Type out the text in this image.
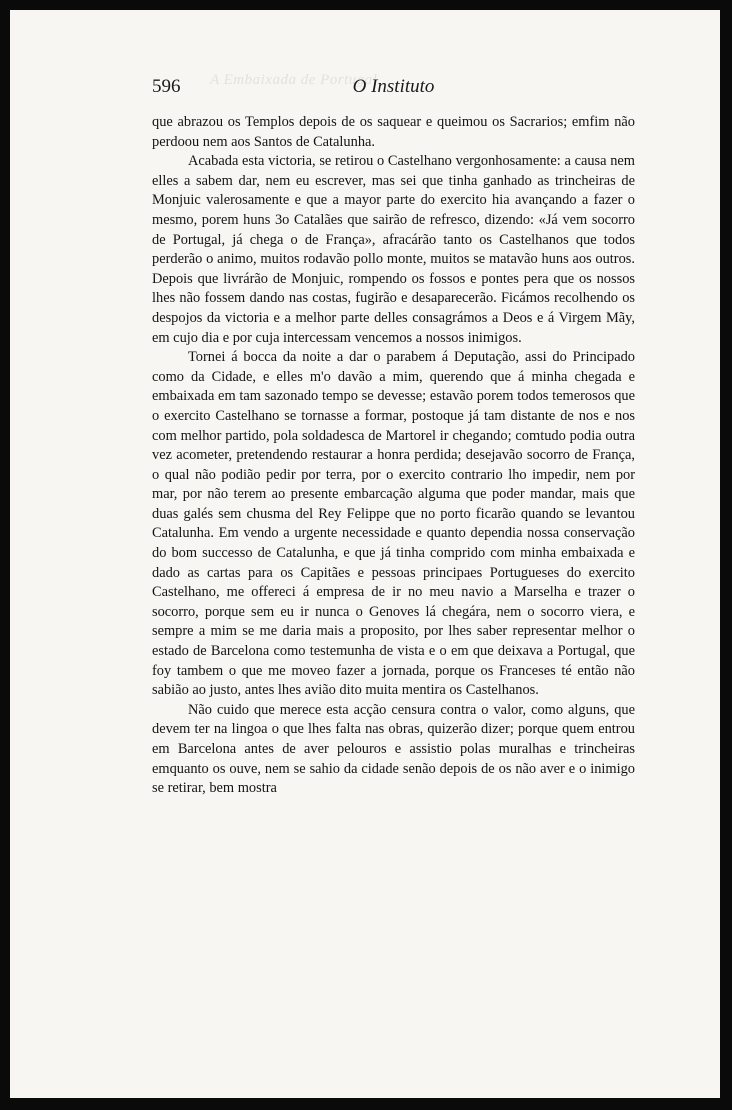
A Embaixada de Portugal
596	O Instituto

que abrazou os Templos depois de os saquear e queimou os Sacrarios; emfim não perdoou nem aos Santos de Catalunha.

Acabada esta victoria, se retirou o Castelhano vergonhosamente: a causa nem elles a sabem dar, nem eu escrever, mas sei que tinha ganhado as trincheiras de Monjuic valerosamente e que a mayor parte do exercito hia avançando a fazer o mesmo, porem huns 3o Catalães que sairão de refresco, dizendo: «Já vem socorro de Portugal, já chega o de França», afracárão tanto os Castelhanos que todos perderão o animo, muitos rodavão pollo monte, muitos se matavão huns aos outros. Depois que livrárão de Monjuic, rompendo os fossos e pontes pera que os nossos lhes não fossem dando nas costas, fugirão e desaparecerão. Ficámos recolhendo os despojos da victoria e a melhor parte delles consagrámos a Deos e á Virgem Mãy, em cujo dia e por cuja intercessam vencemos a nossos inimigos.

Tornei á bocca da noite a dar o parabem á Deputação, assi do Principado como da Cidade, e elles m'o davão a mim, querendo que á minha chegada e embaixada em tam sazonado tempo se devesse; estavão porem todos temerosos que o exercito Castelhano se tornasse a formar, postoque já tam distante de nos e nos com melhor partido, pola soldadesca de Martorel ir chegando; comtudo podia outra vez acometer, pretendendo restaurar a honra perdida; desejavão socorro de França, o qual não podião pedir por terra, por o exercito contrario lho impedir, nem por mar, por não terem ao presente embarcação alguma que poder mandar, mais que duas galés sem chusma del Rey Felippe que no porto ficarão quando se levantou Catalunha. Em vendo a urgente necessidade e quanto dependia nossa conservação do bom successo de Catalunha, e que já tinha comprido com minha embaixada e dado as cartas para os Capitães e pessoas principaes Portugueses do exercito Castelhano, me offereci á empresa de ir no meu navio a Marselha e trazer o socorro, porque sem eu ir nunca o Genoves lá chegára, nem o socorro viera, e sempre a mim se me daria mais a proposito, por lhes saber representar melhor o estado de Barcelona como testemunha de vista e o em que deixava a Portugal, que foy tambem o que me moveo fazer a jornada, porque os Franceses té então não sabião ao justo, antes lhes avião dito muita mentira os Castelhanos.

Não cuido que merece esta acção censura contra o valor, como alguns, que devem ter na lingoa o que lhes falta nas obras, quizerão dizer; porque quem entrou em Barcelona antes de aver pelouros e assistio polas muralhas e trincheiras emquanto os ouve, nem se sahio da cidade senão depois de os não aver e o inimigo se retirar, bem mostra
